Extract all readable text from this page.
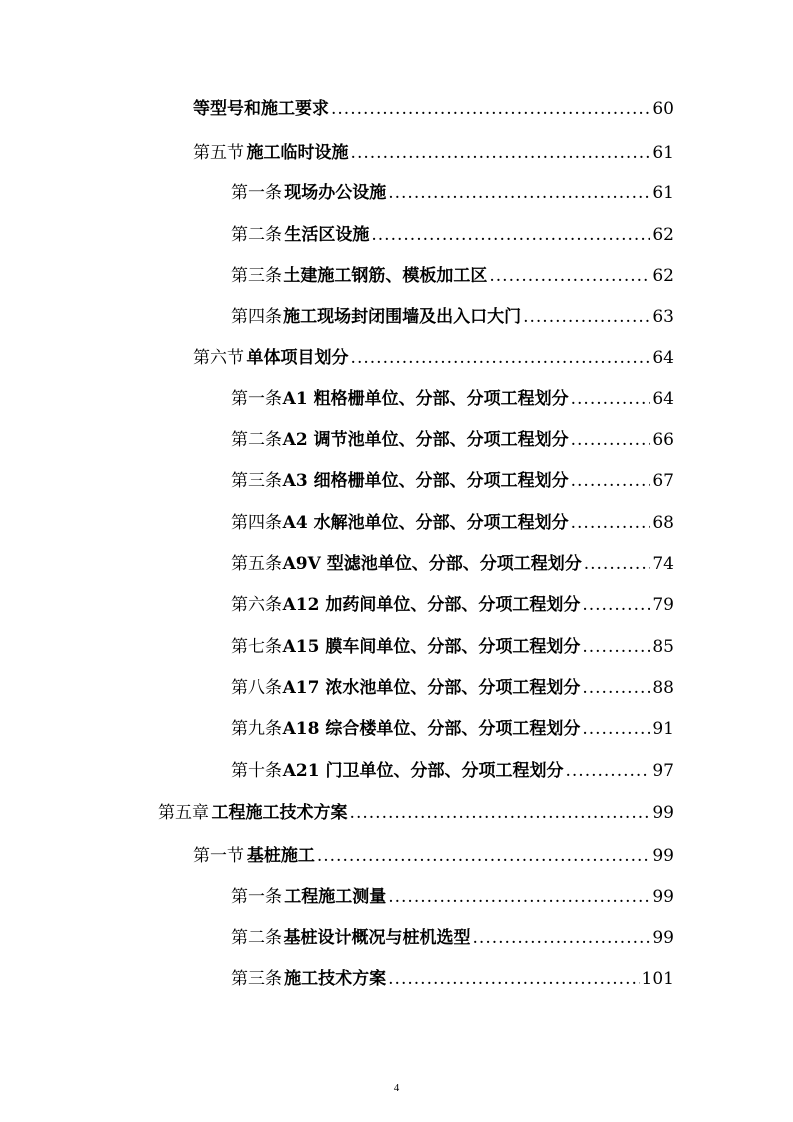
等型号和施工要求 .....	60
第五节 施工临时设施 .....	61
第一条 现场办公设施 .....	61
第二条 生活区设施 .....	62
第三条 土建施工钢筋、模板加工区 .....	62
第四条 施工现场封闭围墙及出入口大门 .....	63
第六节 单体项目划分 .....	64
第一条 A1 粗格栅单位、分部、分项工程划分 .....	64
第二条 A2 调节池单位、分部、分项工程划分 .....	66
第三条 A3 细格栅单位、分部、分项工程划分 .....	67
第四条 A4 水解池单位、分部、分项工程划分 .....	68
第五条 A9V 型滤池单位、分部、分项工程划分 .....	74
第六条 A12 加药间单位、分部、分项工程划分 .....	79
第七条 A15 膜车间单位、分部、分项工程划分 .....	85
第八条 A17 浓水池单位、分部、分项工程划分 .....	88
第九条 A18 综合楼单位、分部、分项工程划分 .....	91
第十条 A21 门卫单位、分部、分项工程划分 .....	97
第五章 工程施工技术方案 .....	99
第一节 基桩施工 .....	99
第一条 工程施工测量 .....	99
第二条 基桩设计概况与桩机选型 .....	99
第三条 施工技术方案 .....	101
4
